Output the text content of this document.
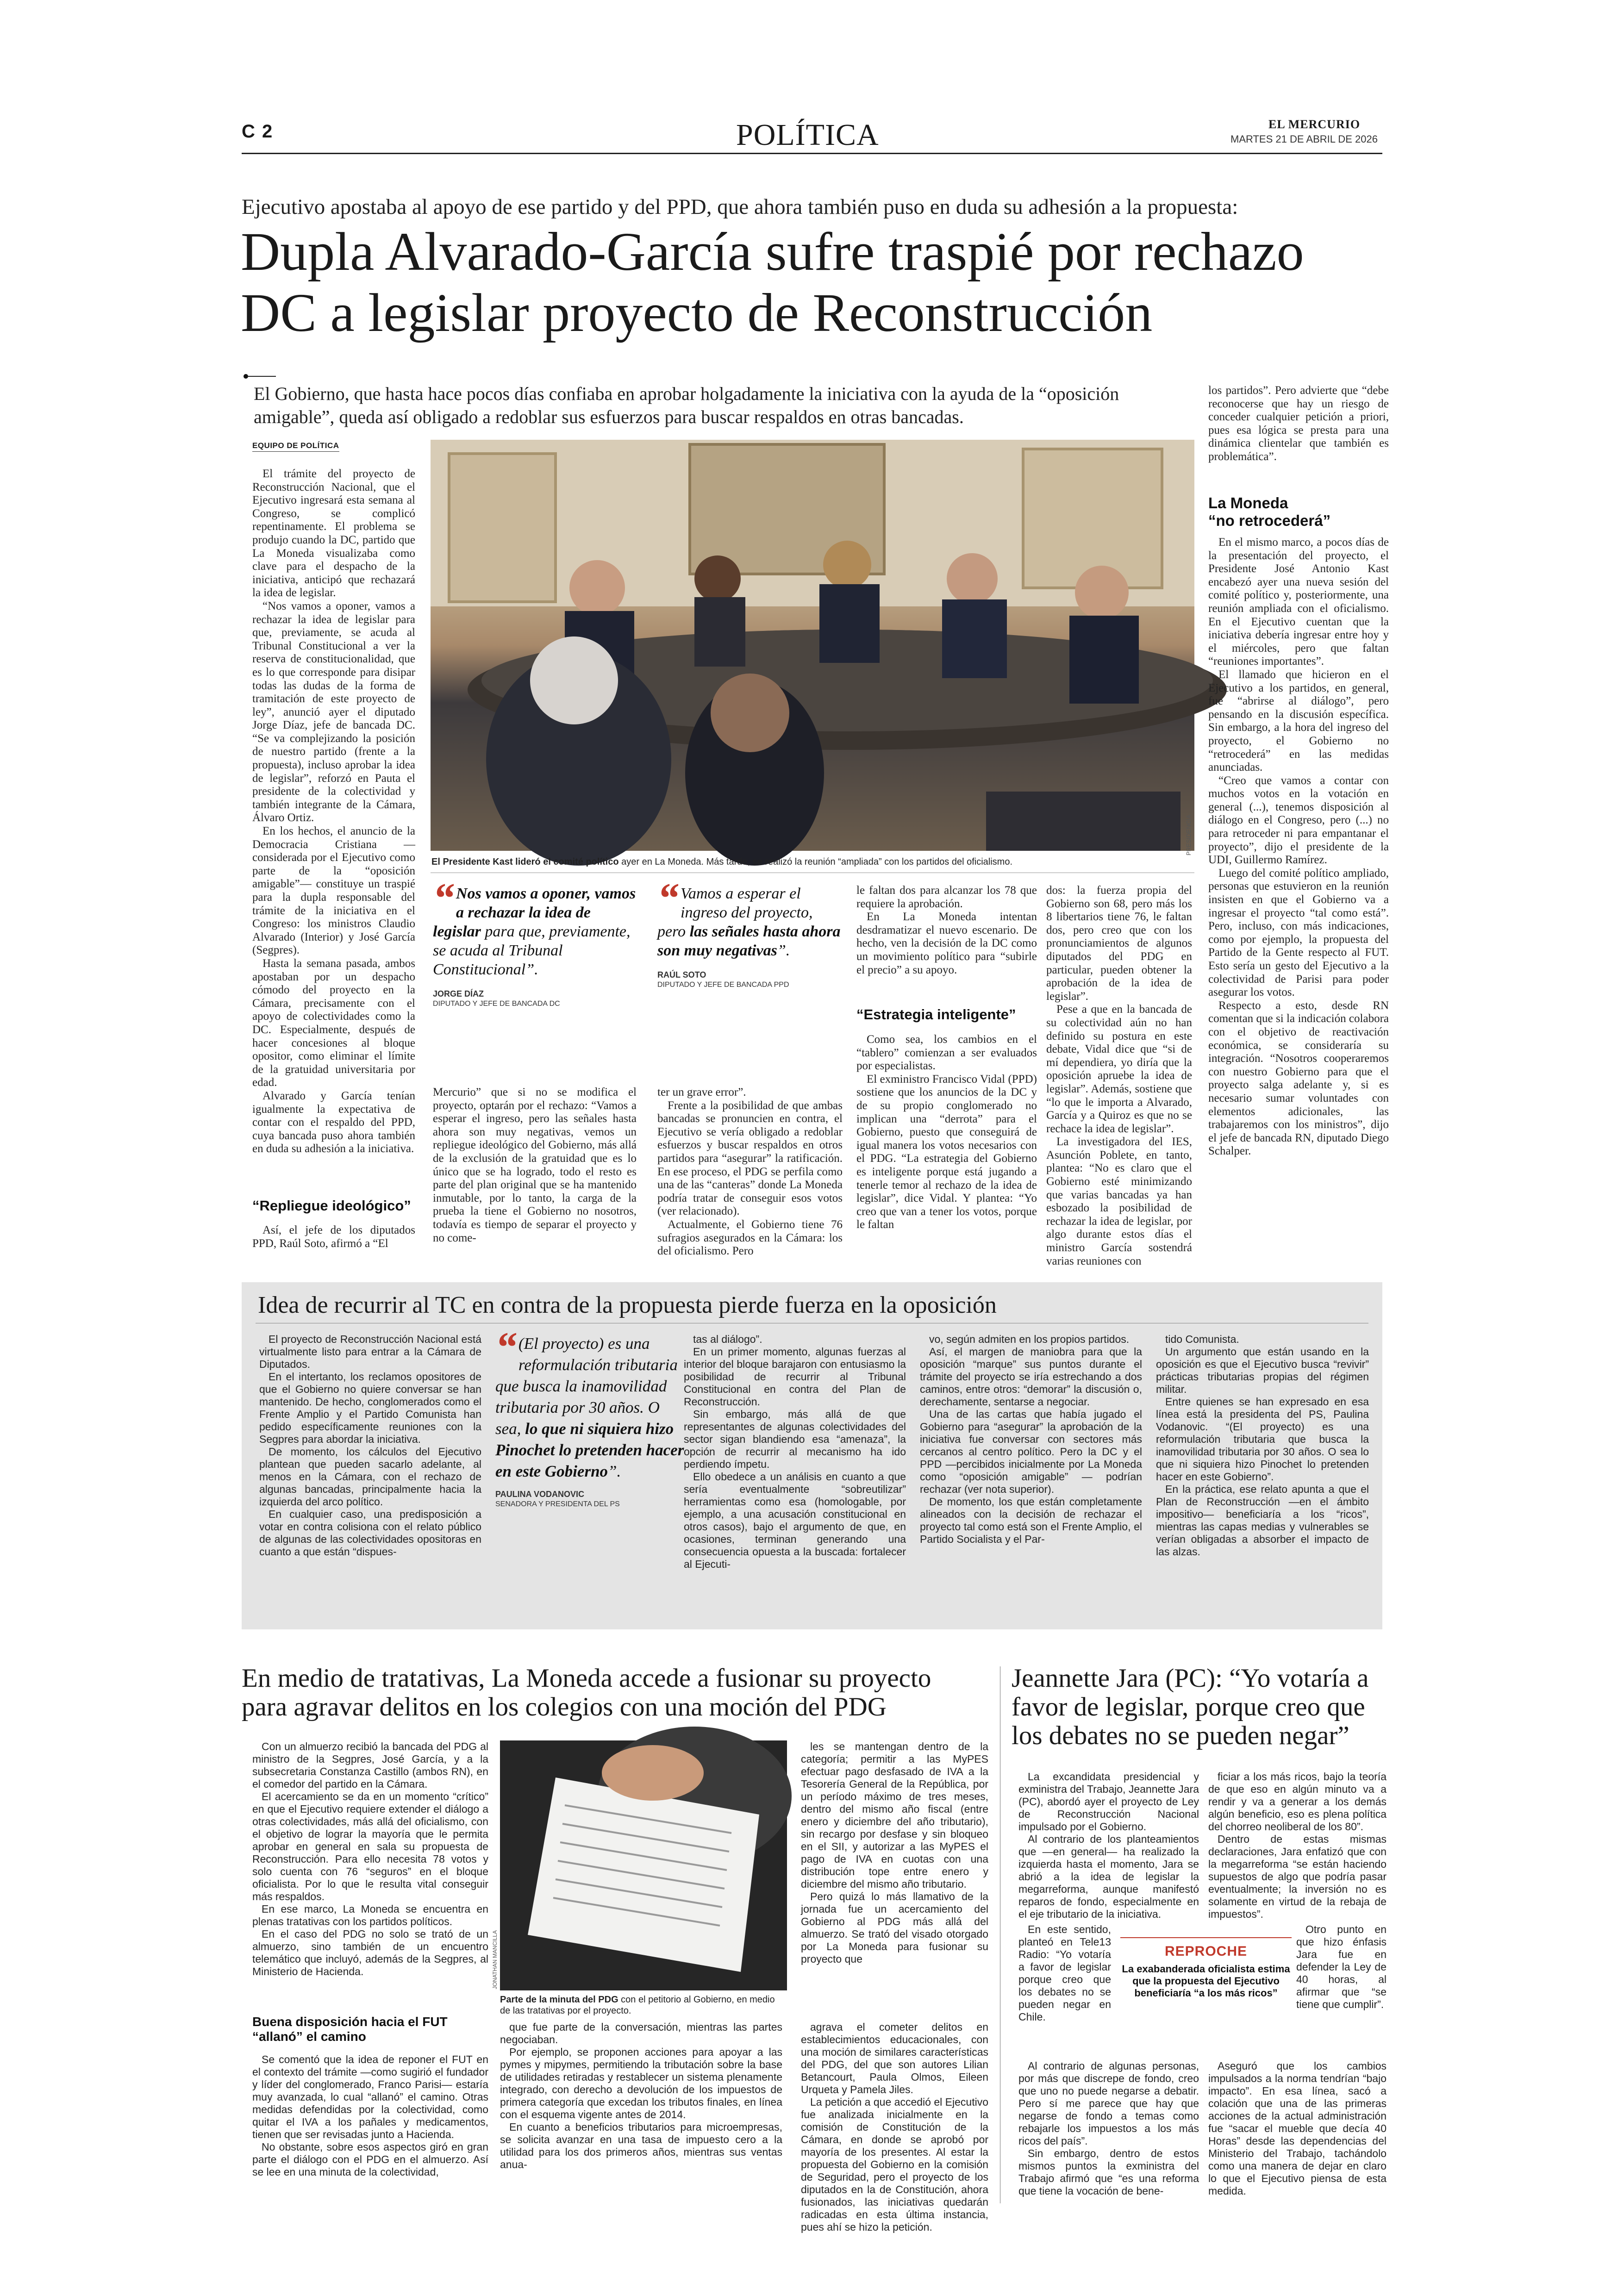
C 2	POLÍTICA	EL MERCURIO
MARTES 21 DE ABRIL DE 2026
Ejecutivo apostaba al apoyo de ese partido y del PPD, que ahora también puso en duda su adhesión a la propuesta:
Dupla Alvarado-García sufre traspié por rechazo
DC a legislar proyecto de Reconstrucción
El Gobierno, que hasta hace pocos días confiaba en aprobar holgadamente la iniciativa con la ayuda de la “oposición amigable”, queda así obligado a redoblar sus esfuerzos para buscar respaldos en otras bancadas.
EQUIPO DE POLÍTICA

El trámite del proyecto de Reconstrucción Nacional, que el Ejecutivo ingresará esta semana al Congreso, se complicó repentinamente. El problema se produjo cuando la DC, partido que La Moneda visualizaba como clave para el despacho de la iniciativa, anticipó que rechazará la idea de legislar.

“Nos vamos a oponer, vamos a rechazar la idea de legislar para que, previamente, se acuda al Tribunal Constitucional a ver la reserva de constitucionalidad, que es lo que corresponde para disipar todas las dudas de la forma de tramitación de este proyecto de ley”, anunció ayer el diputado Jorge Díaz, jefe de bancada DC. “Se va complejizando la posición de nuestro partido (frente a la propuesta), incluso aprobar la idea de legislar”, reforzó en Pauta el presidente de la colectividad y también integrante de la Cámara, Álvaro Ortiz.

En los hechos, el anuncio de la Democracia Cristiana —considerada por el Ejecutivo como parte de la “oposición amigable”— constituye un traspié para la dupla responsable del trámite de la iniciativa en el Congreso: los ministros Claudio Alvarado (Interior) y José García (Segpres).

Hasta la semana pasada, ambos apostaban por un despacho cómodo del proyecto en la Cámara, precisamente con el apoyo de colectividades como la DC. Especialmente, después de hacer concesiones al bloque opositor, como eliminar el límite de la gratuidad universitaria por edad.

Alvarado y García tenían igualmente la expectativa de contar con el respaldo del PPD, cuya bancada puso ahora también en duda su adhesión a la iniciativa.

“Repliegue ideológico”

Así, el jefe de los diputados PPD, Raúl Soto, afirmó a “El

PRESIDENCIA
El Presidente Kast lideró el comité político ayer en La Moneda. Más tarde, se realizó la reunión “ampliada” con los partidos del oficialismo.
“ Nos vamos a oponer, vamos a rechazar la idea de legislar para que, previamente, se acuda al Tribunal Constitucional”.
JORGE DÍAZ
DIPUTADO Y JEFE DE BANCADA DC
“ Vamos a esperar el ingreso del proyecto, pero las señales hasta ahora son muy negativas”.
RAÚL SOTO
DIPUTADO Y JEFE DE BANCADA PPD

Mercurio” que si no se modifica el proyecto, optarán por el rechazo: “Vamos a esperar el ingreso, pero las señales hasta ahora son muy negativas, vemos un repliegue ideológico del Gobierno, más allá de la exclusión de la gratuidad que es lo único que se ha logrado, todo el resto es parte del plan original que se ha mantenido inmutable, por lo tanto, la carga de la prueba la tiene el Gobierno no nosotros, todavía es tiempo de separar el proyecto y no come-

ter un grave error”.

Frente a la posibilidad de que ambas bancadas se pronuncien en contra, el Ejecutivo se vería obligado a redoblar esfuerzos y buscar respaldos en otros partidos para “asegurar” la ratificación. En ese proceso, el PDG se perfila como una de las “canteras” donde La Moneda podría tratar de conseguir esos votos (ver relacionado).

Actualmente, el Gobierno tiene 76 sufragios asegurados en la Cámara: los del oficialismo. Pero

le faltan dos para alcanzar los 78 que requiere la aprobación.

En La Moneda intentan desdramatizar el nuevo escenario. De hecho, ven la decisión de la DC como un movimiento político para “subirle el precio” a su apoyo.

“Estrategia inteligente”

Como sea, los cambios en el “tablero” comienzan a ser evaluados por especialistas.

El exministro Francisco Vidal (PPD) sostiene que los anuncios de la DC y de su propio conglomerado no implican una “derrota” para el Gobierno, puesto que conseguirá de igual manera los votos necesarios con el PDG. “La estrategia del Gobierno es inteligente porque está jugando a tenerle temor al rechazo de la idea de legislar”, dice Vidal. Y plantea: “Yo creo que van a tener los votos, porque le faltan

dos: la fuerza propia del Gobierno son 68, pero más los 8 libertarios tiene 76, le faltan dos, pero creo que con los pronunciamientos de algunos diputados del PDG en particular, pueden obtener la aprobación de la idea de legislar”.

Pese a que en la bancada de su colectividad aún no han definido su postura en este debate, Vidal dice que “si de mí dependiera, yo diría que la oposición apruebe la idea de legislar”. Además, sostiene que “lo que le importa a Alvarado, García y a Quiroz es que no se rechace la idea de legislar”.

La investigadora del IES, Asunción Poblete, en tanto, plantea: “No es claro que el Gobierno esté minimizando que varias bancadas ya han esbozado la posibilidad de rechazar la idea de legislar, por algo durante estos días el ministro García sostendrá varias reuniones con

los partidos”. Pero advierte que “debe reconocerse que hay un riesgo de conceder cualquier petición a priori, pues esa lógica se presta para una dinámica clientelar que también es problemática”.

La Moneda
“no retrocederá”

En el mismo marco, a pocos días de la presentación del proyecto, el Presidente José Antonio Kast encabezó ayer una nueva sesión del comité político y, posteriormente, una reunión ampliada con el oficialismo. En el Ejecutivo cuentan que la iniciativa debería ingresar entre hoy y el miércoles, pero que faltan “reuniones importantes”.

El llamado que hicieron en el Ejecutivo a los partidos, en general, fue “abrirse al diálogo”, pero pensando en la discusión específica. Sin embargo, a la hora del ingreso del proyecto, el Gobierno no “retrocederá” en las medidas anunciadas.

“Creo que vamos a contar con muchos votos en la votación en general (...), tenemos disposición al diálogo en el Congreso, pero (...) no para retroceder ni para empantanar el proyecto”, dijo el presidente de la UDI, Guillermo Ramírez.

Luego del comité político ampliado, personas que estuvieron en la reunión insisten en que el Gobierno va a ingresar el proyecto “tal como está”. Pero, incluso, con más indicaciones, como por ejemplo, la propuesta del Partido de la Gente respecto al FUT. Esto sería un gesto del Ejecutivo a la colectividad de Parisi para poder asegurar los votos.

Respecto a esto, desde RN comentan que si la indicación colabora con el objetivo de reactivación económica, se consideraría su integración. “Nosotros cooperaremos con nuestro Gobierno para que el proyecto salga adelante y, si es necesario sumar voluntades con elementos adicionales, las trabajaremos con los ministros”, dijo el jefe de bancada RN, diputado Diego Schalper.

Idea de recurrir al TC en contra de la propuesta pierde fuerza en la oposición

El proyecto de Reconstrucción Nacional está virtualmente listo para entrar a la Cámara de Diputados.

En el intertanto, los reclamos opositores de que el Gobierno no quiere conversar se han mantenido. De hecho, conglomerados como el Frente Amplio y el Partido Comunista han pedido específicamente reuniones con la Segpres para abordar la iniciativa.

De momento, los cálculos del Ejecutivo plantean que pueden sacarlo adelante, al menos en la Cámara, con el rechazo de algunas bancadas, principalmente hacia la izquierda del arco político.

En cualquier caso, una predisposición a votar en contra colisiona con el relato público de algunas de las colectividades opositoras en cuanto a que están “dispues-

“ (El proyecto) es una reformulación tributaria que busca la inamovilidad tributaria por 30 años. O sea, lo que ni siquiera hizo Pinochet lo pretenden hacer en este Gobierno”.
PAULINA VODANOVIC
SENADORA Y PRESIDENTA DEL PS

tas al diálogo”.

En un primer momento, algunas fuerzas al interior del bloque barajaron con entusiasmo la posibilidad de recurrir al Tribunal Constitucional en contra del Plan de Reconstrucción.

Sin embargo, más allá de que representantes de algunas colectividades del sector sigan blandiendo esa “amenaza”, la opción de recurrir al mecanismo ha ido perdiendo ímpetu.

Ello obedece a un análisis en cuanto a que sería eventualmente “sobreutilizar” herramientas como esa (homologable, por ejemplo, a una acusación constitucional en otros casos), bajo el argumento de que, en ocasiones, terminan generando una consecuencia opuesta a la buscada: fortalecer al Ejecuti-

vo, según admiten en los propios partidos.

Así, el margen de maniobra para que la oposición “marque” sus puntos durante el trámite del proyecto se iría estrechando a dos caminos, entre otros: “demorar” la discusión o, derechamente, sentarse a negociar.

Una de las cartas que había jugado el Gobierno para “asegurar” la aprobación de la iniciativa fue conversar con sectores más cercanos al centro político. Pero la DC y el PPD —percibidos inicialmente por La Moneda como “oposición amigable” — podrían rechazar (ver nota superior).

De momento, los que están completamente alineados con la decisión de rechazar el proyecto tal como está son el Frente Amplio, el Partido Socialista y el Par-

tido Comunista.

Un argumento que están usando en la oposición es que el Ejecutivo busca “revivir” prácticas tributarias propias del régimen militar.

Entre quienes se han expresado en esa línea está la presidenta del PS, Paulina Vodanovic. “(El proyecto) es una reformulación tributaria que busca la inamovilidad tributaria por 30 años. O sea lo que ni siquiera hizo Pinochet lo pretenden hacer en este Gobierno”.

En la práctica, ese relato apunta a que el Plan de Reconstrucción —en el ámbito impositivo— beneficiaría a los “ricos”, mientras las capas medias y vulnerables se verían obligadas a absorber el impacto de las alzas.

En medio de tratativas, La Moneda accede a fusionar su proyecto
para agravar delitos en los colegios con una moción del PDG

Con un almuerzo recibió la bancada del PDG al ministro de la Segpres, José García, y a la subsecretaria Constanza Castillo (ambos RN), en el comedor del partido en la Cámara.

El acercamiento se da en un momento “crítico” en que el Ejecutivo requiere extender el diálogo a otras colectividades, más allá del oficialismo, con el objetivo de lograr la mayoría que le permita aprobar en general en sala su propuesta de Reconstrucción. Para ello necesita 78 votos y solo cuenta con 76 “seguros” en el bloque oficialista. Por lo que le resulta vital conseguir más respaldos.

En ese marco, La Moneda se encuentra en plenas tratativas con los partidos políticos.

En el caso del PDG no solo se trató de un almuerzo, sino también de un encuentro telemático que incluyó, además de la Segpres, al Ministerio de Hacienda.

Buena disposición hacia el FUT “allanó” el camino

Se comentó que la idea de reponer el FUT en el contexto del trámite —como sugirió el fundador y líder del conglomerado, Franco Parisi— estaría muy avanzada, lo cual “allanó” el camino. Otras medidas defendidas por la colectividad, como quitar el IVA a los pañales y medicamentos, tienen que ser revisadas junto a Hacienda.

No obstante, sobre esos aspectos giró en gran parte el diálogo con el PDG en el almuerzo. Así se lee en una minuta de la colectividad,

JONATHAN MANCILLA
Parte de la minuta del PDG con el petitorio al Gobierno, en medio de las tratativas por el proyecto.

que fue parte de la conversación, mientras las partes negociaban.

Por ejemplo, se proponen acciones para apoyar a las pymes y mipymes, permitiendo la tributación sobre la base de utilidades retiradas y restablecer un sistema plenamente integrado, con derecho a devolución de los impuestos de primera categoría que excedan los tributos finales, en línea con el esquema vigente antes de 2014.

En cuanto a beneficios tributarios para microempresas, se solicita avanzar en una tasa de impuesto cero a la utilidad para los dos primeros años, mientras sus ventas anua-

les se mantengan dentro de la categoría; permitir a las MyPES efectuar pago desfasado de IVA a la Tesorería General de la República, por un período máximo de tres meses, dentro del mismo año fiscal (entre enero y diciembre del año tributario), sin recargo por desfase y sin bloqueo en el SII, y autorizar a las MyPES el pago de IVA en cuotas con una distribución tope entre enero y diciembre del mismo año tributario.

Pero quizá lo más llamativo de la jornada fue un acercamiento del Gobierno al PDG más allá del almuerzo. Se trató del visado otorgado por La Moneda para fusionar su proyecto que

agrava el cometer delitos en establecimientos educacionales, con una moción de similares características del PDG, del que son autores Lilian Betancourt, Paula Olmos, Eileen Urqueta y Pamela Jiles.

La petición a que accedió el Ejecutivo fue analizada inicialmente en la comisión de Constitución de la Cámara, en donde se aprobó por mayoría de los presentes. Al estar la propuesta del Gobierno en la comisión de Seguridad, pero el proyecto de los diputados en la de Constitución, ahora fusionados, las iniciativas quedarán radicadas en esta última instancia, pues ahí se hizo la petición.

Jeannette Jara (PC): “Yo votaría a
favor de legislar, porque creo que
los debates no se pueden negar”

La excandidata presidencial y exministra del Trabajo, Jeannette Jara (PC), abordó ayer el proyecto de Ley de Reconstrucción Nacional impulsado por el Gobierno.

Al contrario de los planteamientos que —en general— ha realizado la izquierda hasta el momento, Jara se abrió a la idea de legislar la megarreforma, aunque manifestó reparos de fondo, especialmente en el eje tributario de la iniciativa.

En este sentido, planteó en Tele13 Radio: “Yo votaría a favor de legislar porque creo que los debates no se pueden negar en Chile.

Al contrario de algunas personas, por más que discrepe de fondo, creo que uno no puede negarse a debatir. Pero sí me parece que hay que negarse de fondo a temas como rebajarle los impuestos a los más ricos del país”.

Sin embargo, dentro de estos mismos puntos la exministra del Trabajo afirmó que “es una reforma que tiene la vocación de bene-

REPROCHE
La exabanderada oficialista estima que la propuesta del Ejecutivo beneficiaría “a los más ricos”

ficiar a los más ricos, bajo la teoría de que eso en algún minuto va a rendir y va a generar a los demás algún beneficio, eso es plena política del chorreo neoliberal de los 80”.

Dentro de estas mismas declaraciones, Jara enfatizó que con la megarreforma “se están haciendo supuestos de algo que podría pasar eventualmente; la inversión no es solamente en virtud de la rebaja de impuestos”.

Otro punto en que hizo énfasis Jara fue en defender la Ley de 40 horas, al afirmar que “se tiene que cumplir”.

Aseguró que los cambios impulsados a la norma tendrían “bajo impacto”. En esa línea, sacó a colación que una de las primeras acciones de la actual administración fue “sacar el mueble que decía 40 Horas” desde las dependencias del Ministerio del Trabajo, tachándolo como una manera de dejar en claro lo que el Ejecutivo piensa de esta medida.
